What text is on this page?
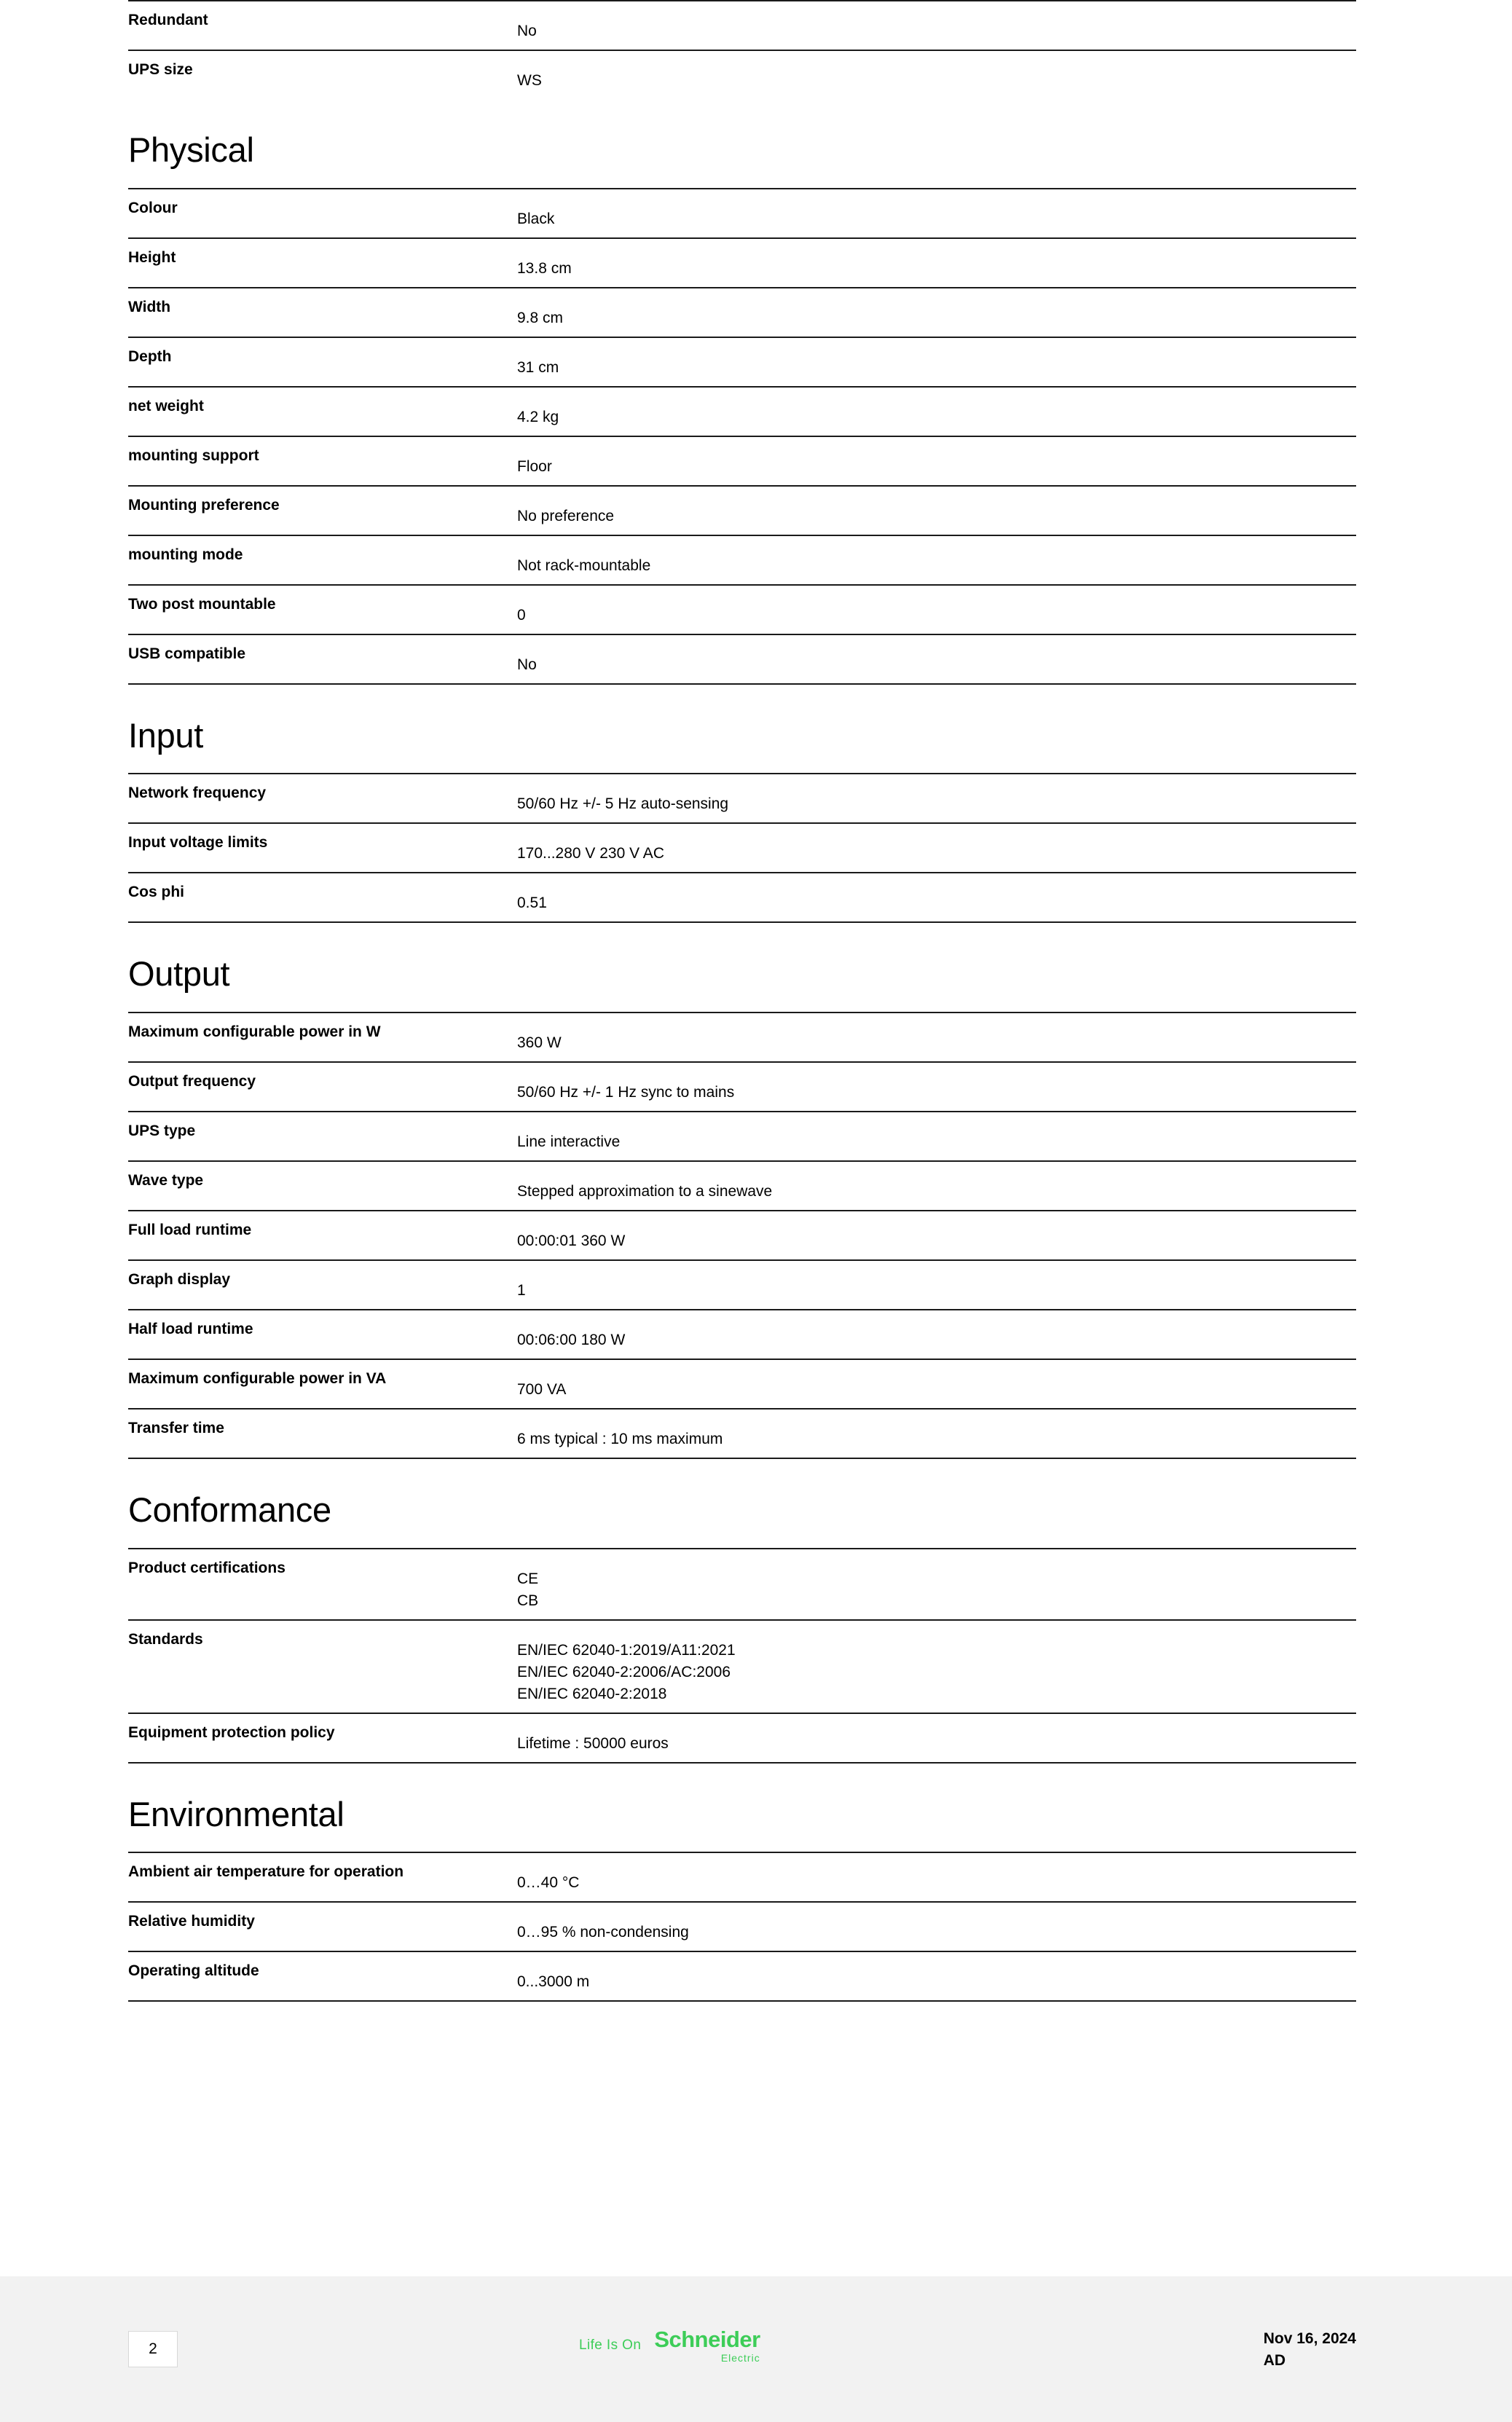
Redundant	No

UPS size	WS
Physical
Colour	Black

Height	13.8 cm

Width	9.8 cm

Depth	31 cm

net weight	4.2 kg

mounting support	Floor

Mounting preference	No preference

mounting mode	Not rack-mountable

Two post mountable	0

USB compatible	No
Input
Network frequency	50/60 Hz +/- 5 Hz auto-sensing

Input voltage limits	170...280 V 230 V AC

Cos phi	0.51
Output
Maximum configurable power in W	360 W

Output frequency	50/60 Hz +/- 1 Hz sync to mains

UPS type	Line interactive

Wave type	Stepped approximation to a sinewave

Full load runtime	00:00:01 360 W

Graph display	1

Half load runtime	00:06:00 180 W

Maximum configurable power in VA	700 VA

Transfer time	6 ms typical : 10 ms maximum
Conformance
Product certifications	CE
CB

Standards	EN/IEC 62040-1:2019/A11:2021
EN/IEC 62040-2:2006/AC:2006
EN/IEC 62040-2:2018

Equipment protection policy	Lifetime : 50000 euros
Environmental
Ambient air temperature for operation	0…40 °C

Relative humidity	0…95 % non-condensing

Operating altitude	0...3000 m
2	Life Is On Schneider
Electric
Nov 16, 2024
AD
